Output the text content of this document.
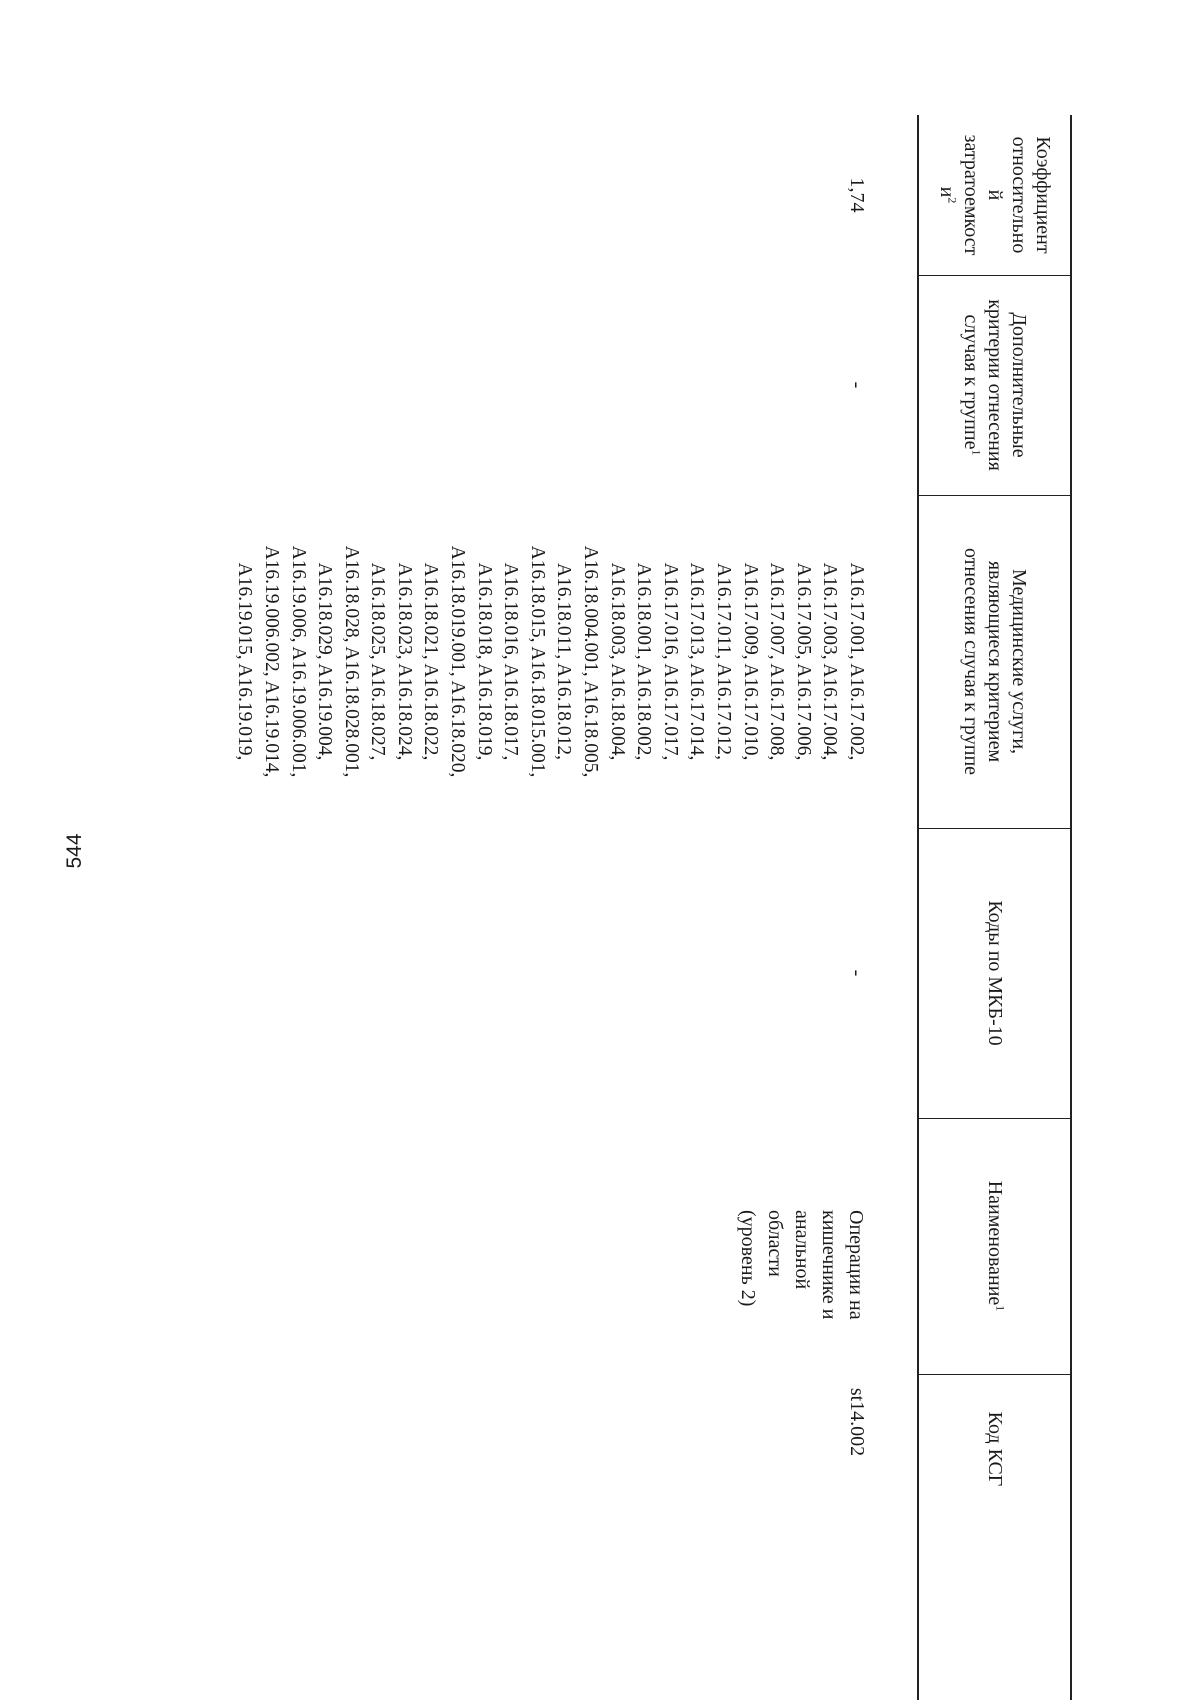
544
Коэффициент
относительно
й
затратоемкост
$и^2$
Дополнительные
критерии отнесения
случая к группе$^1$
Медицинские услуги,
являющиеся критерием
отнесения случая к группе
Коды по МКБ-10
Наименование$^1$
Код КСГ
1,74
-
A16.17.001, A16.17.002,
A16.17.003, A16.17.004,
A16.17.005, A16.17.006,
A16.17.007, A16.17.008,
A16.17.009, A16.17.010,
A16.17.011, A16.17.012,
A16.17.013, A16.17.014,
A16.17.016, A16.17.017,
A16.18.001, A16.18.002,
A16.18.003, A16.18.004,
A16.18.004.001, A16.18.005,
A16.18.011, A16.18.012,
A16.18.015, A16.18.015.001,
A16.18.016, A16.18.017,
A16.18.018, A16.18.019,
A16.18.019.001, A16.18.020,
A16.18.021, A16.18.022,
A16.18.023, A16.18.024,
A16.18.025, A16.18.027,
A16.18.028, A16.18.028.001,
A16.18.029, A16.19.004,
A16.19.006, A16.19.006.001,
A16.19.006.002, A16.19.014,
A16.19.015, A16.19.019,
-
Операции на
кишечнике и анальной
области
(уровень 2)
st14.002
